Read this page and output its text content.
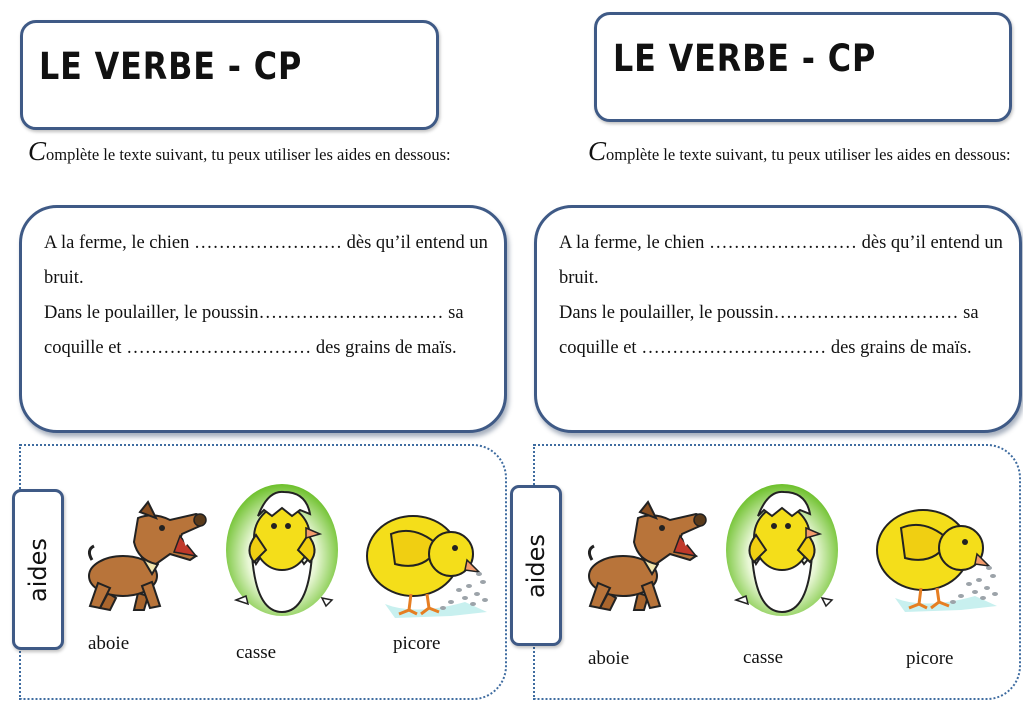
LE VERBE - CP
Complète le texte suivant, tu peux utiliser les aides en dessous:

A la ferme, le chien …………………… dès qu’il entend un bruit.
Dans le poulailler, le poussin………………………… sa coquille et ………………………… des grains de maïs.

aides
aboie	casse	picore
LE VERBE - CP
Complète le texte suivant, tu peux utiliser les aides en dessous:

A la ferme, le chien …………………… dès qu’il entend un bruit.
Dans le poulailler, le poussin………………………… sa coquille et ………………………… des grains de maïs.

aides
aboie	casse	picore
